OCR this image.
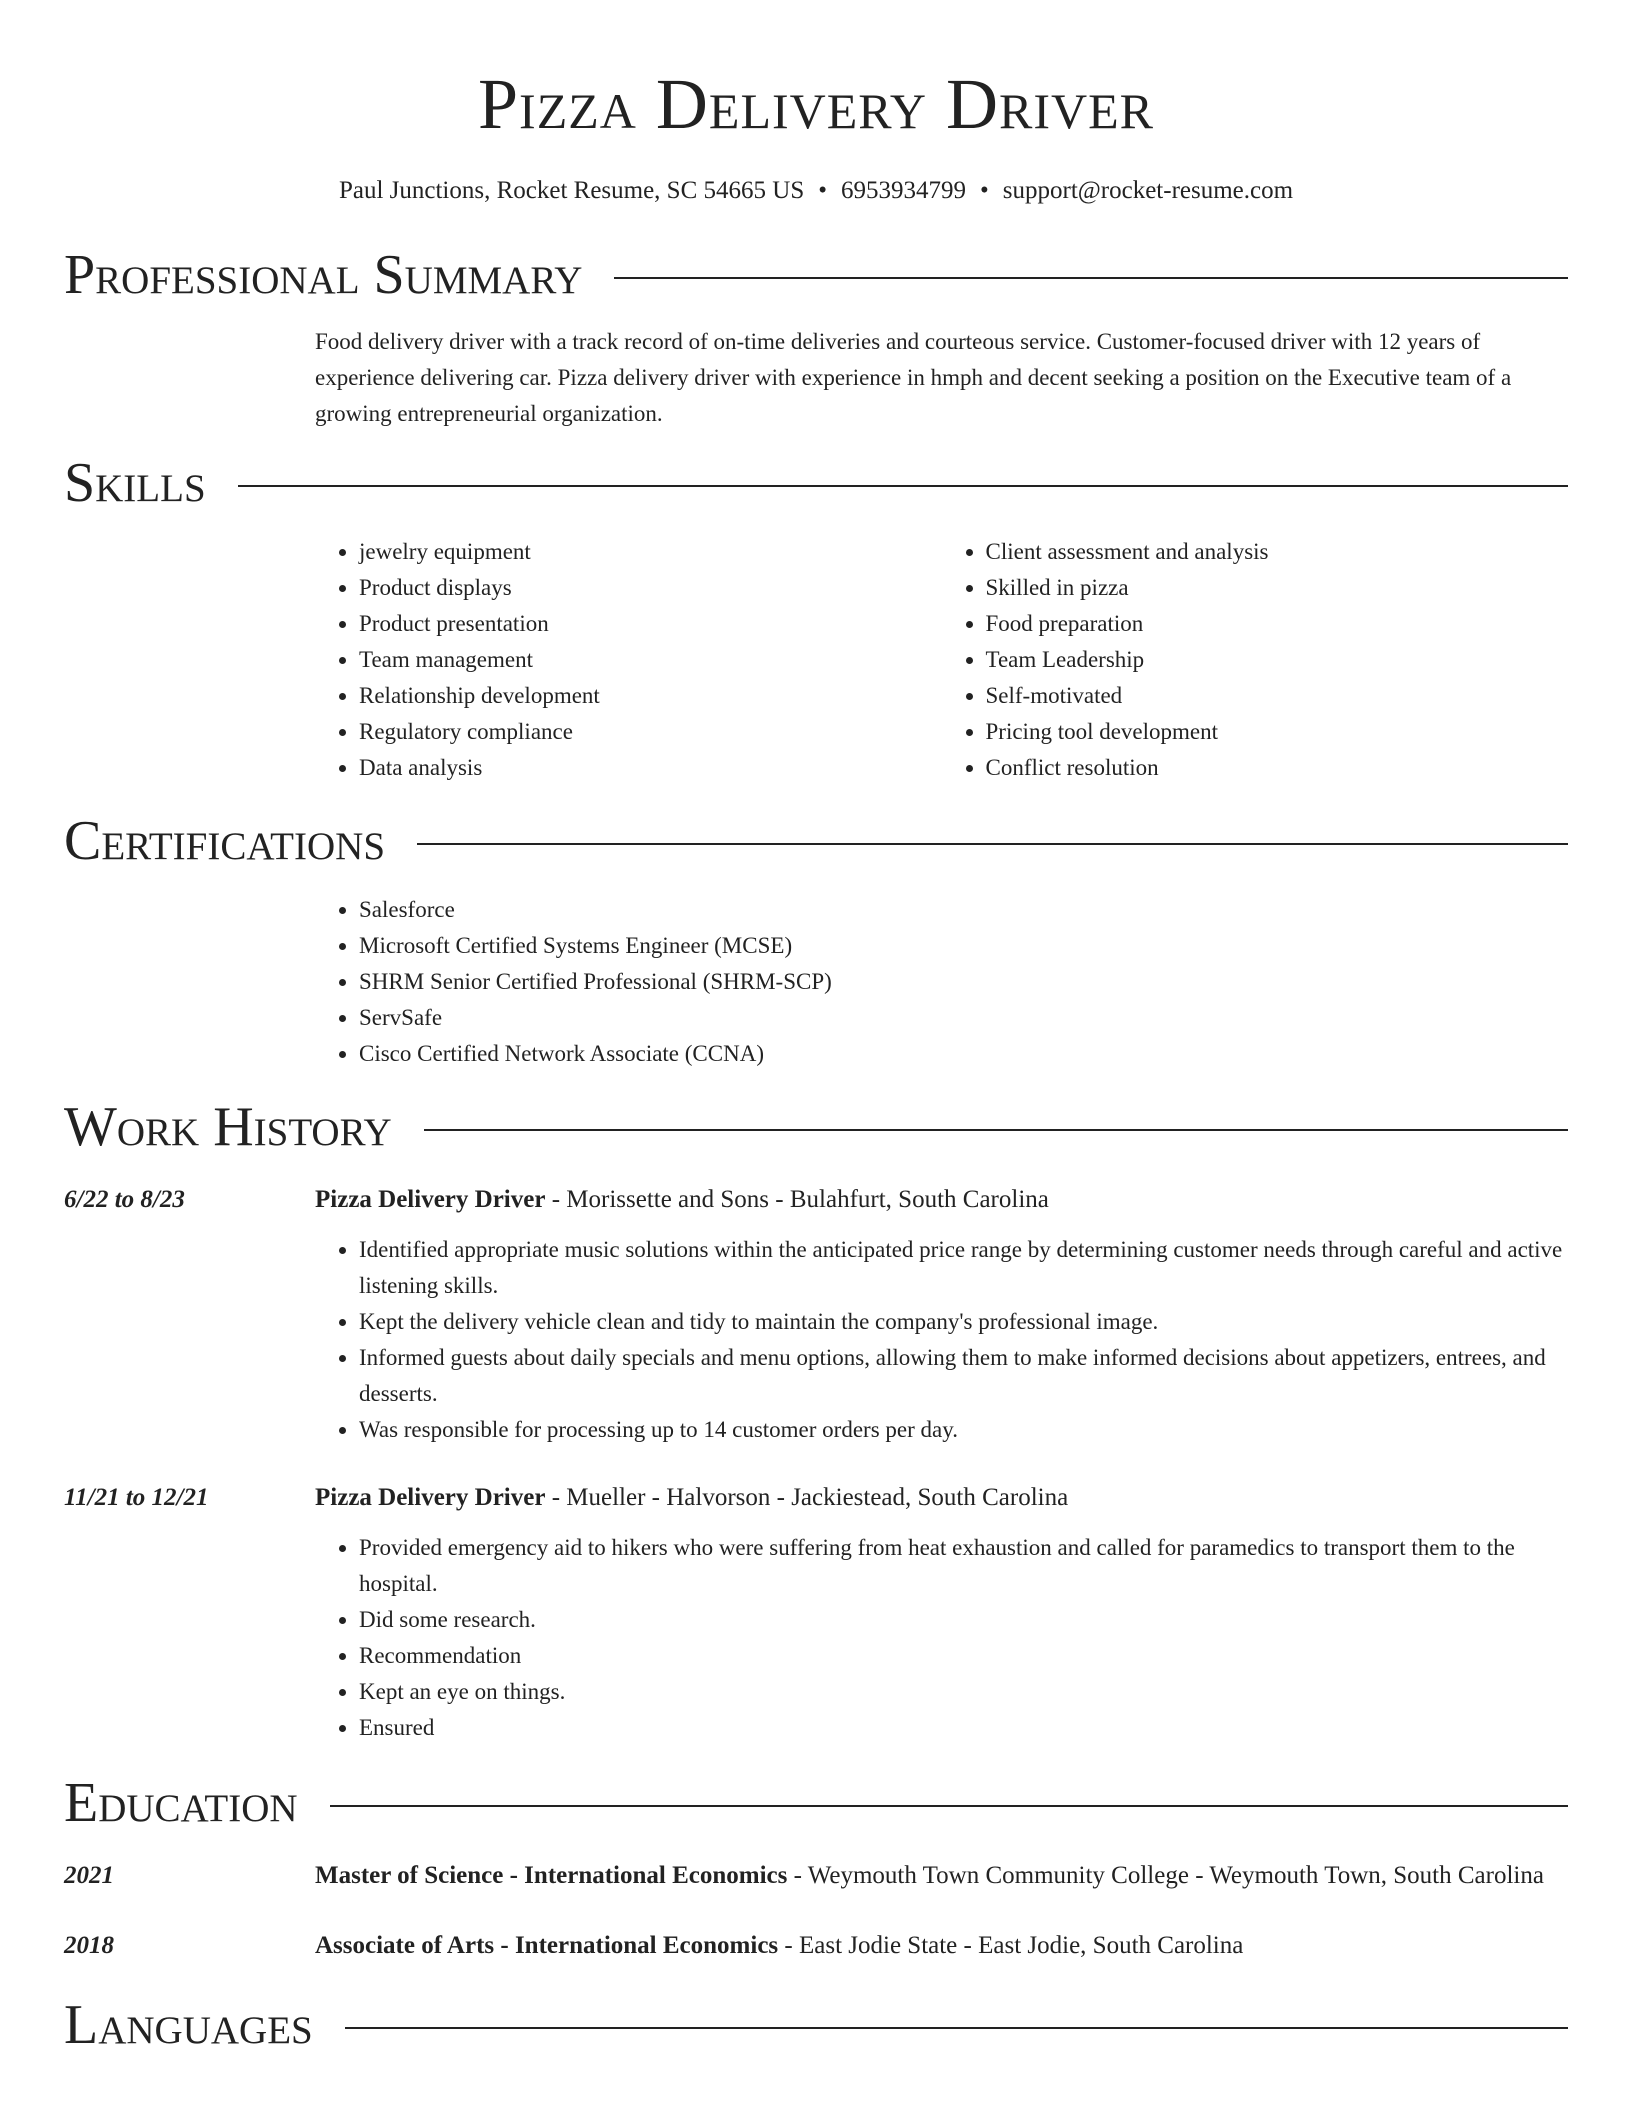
Pizza Delivery Driver
Paul Junctions, Rocket Resume, SC 54665 US • 6953934799 • support@rocket-resume.com
Professional Summary
Food delivery driver with a track record of on-time deliveries and courteous service. Customer-focused driver with 12 years of experience delivering car. Pizza delivery driver with experience in hmph and decent seeking a position on the Executive team of a growing entrepreneurial organization.
Skills
• jewelry equipment
• Product displays
• Product presentation
• Team management
• Relationship development
• Regulatory compliance
• Data analysis
• Client assessment and analysis
• Skilled in pizza
• Food preparation
• Team Leadership
• Self-motivated
• Pricing tool development
• Conflict resolution
Certifications
• Salesforce
• Microsoft Certified Systems Engineer (MCSE)
• SHRM Senior Certified Professional (SHRM-SCP)
• ServSafe
• Cisco Certified Network Associate (CCNA)
Work History
6/22 to 8/23	Pizza Delivery Driver - Morissette and Sons - Bulahfurt, South Carolina
• Identified appropriate music solutions within the anticipated price range by determining customer needs through careful and active listening skills.
• Kept the delivery vehicle clean and tidy to maintain the company's professional image.
• Informed guests about daily specials and menu options, allowing them to make informed decisions about appetizers, entrees, and desserts.
• Was responsible for processing up to 14 customer orders per day.
11/21 to 12/21	Pizza Delivery Driver - Mueller - Halvorson - Jackiestead, South Carolina
• Provided emergency aid to hikers who were suffering from heat exhaustion and called for paramedics to transport them to the hospital.
• Did some research.
• Recommendation
• Kept an eye on things.
• Ensured
Education
2021	Master of Science - International Economics - Weymouth Town Community College - Weymouth Town, South Carolina
2018	Associate of Arts - International Economics - East Jodie State - East Jodie, South Carolina
Languages
